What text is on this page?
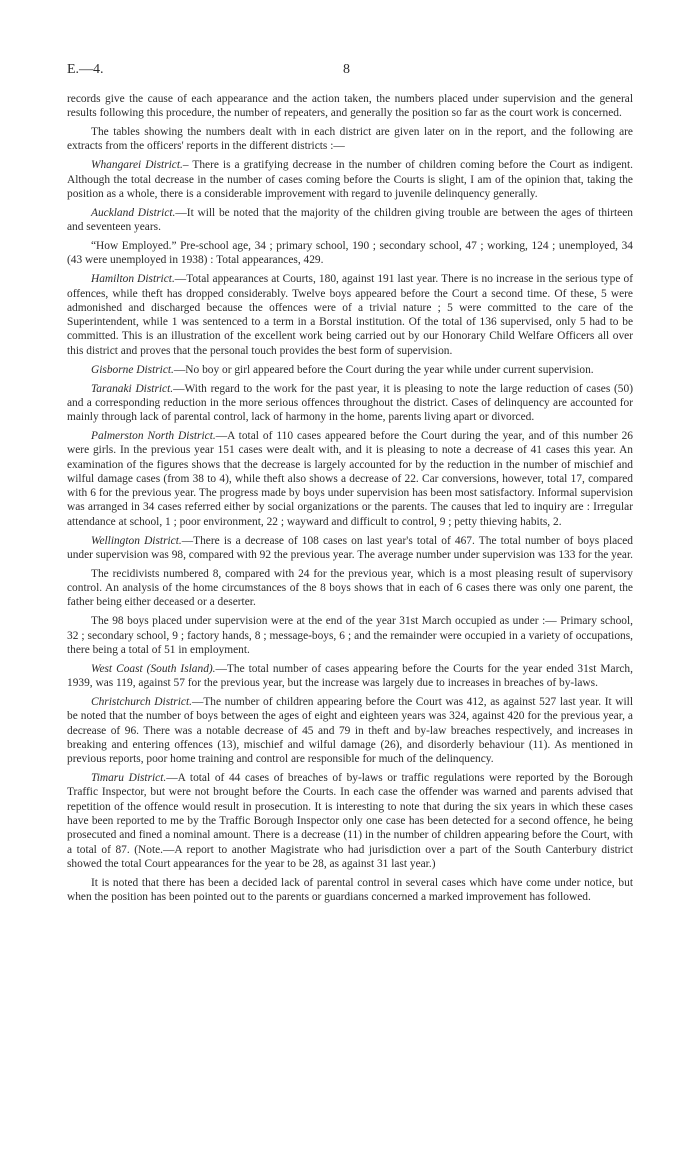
E.—4.	8

records give the cause of each appearance and the action taken, the numbers placed under supervision and the general results following this procedure, the number of repeaters, and generally the position so far as the court work is concerned.

The tables showing the numbers dealt with in each district are given later on in the report, and the following are extracts from the officers' reports in the different districts :—

Whangarei District.– There is a gratifying decrease in the number of children coming before the Court as indigent. Although the total decrease in the number of cases coming before the Courts is slight, I am of the opinion that, taking the position as a whole, there is a considerable improvement with regard to juvenile delinquency generally.

Auckland District.—It will be noted that the majority of the children giving trouble are between the ages of thirteen and seventeen years.

“How Employed.” Pre-school age, 34 ; primary school, 190 ; secondary school, 47 ; working, 124 ; unemployed, 34 (43 were unemployed in 1938) : Total appearances, 429.

Hamilton District.—Total appearances at Courts, 180, against 191 last year. There is no increase in the serious type of offences, while theft has dropped considerably. Twelve boys appeared before the Court a second time. Of these, 5 were admonished and discharged because the offences were of a trivial nature ; 5 were committed to the care of the Superintendent, while 1 was sentenced to a term in a Borstal institution. Of the total of 136 supervised, only 5 had to be committed. This is an illustration of the excellent work being carried out by our Honorary Child Welfare Officers all over this district and proves that the personal touch provides the best form of supervision.

Gisborne District.—No boy or girl appeared before the Court during the year while under current supervision.

Taranaki District.—With regard to the work for the past year, it is pleasing to note the large reduction of cases (50) and a corresponding reduction in the more serious offences throughout the district. Cases of delinquency are accounted for mainly through lack of parental control, lack of harmony in the home, parents living apart or divorced.

Palmerston North District.—A total of 110 cases appeared before the Court during the year, and of this number 26 were girls. In the previous year 151 cases were dealt with, and it is pleasing to note a decrease of 41 cases this year. An examination of the figures shows that the decrease is largely accounted for by the reduction in the number of mischief and wilful damage cases (from 38 to 4), while theft also shows a decrease of 22. Car conversions, however, total 17, compared with 6 for the previous year. The progress made by boys under supervision has been most satisfactory. Informal supervision was arranged in 34 cases referred either by social organizations or the parents. The causes that led to inquiry are : Irregular attendance at school, 1 ; poor environment, 22 ; wayward and difficult to control, 9 ; petty thieving habits, 2.

Wellington District.—There is a decrease of 108 cases on last year's total of 467. The total number of boys placed under supervision was 98, compared with 92 the previous year. The average number under supervision was 133 for the year.

The recidivists numbered 8, compared with 24 for the previous year, which is a most pleasing result of supervisory control. An analysis of the home circumstances of the 8 boys shows that in each of 6 cases there was only one parent, the father being either deceased or a deserter.

The 98 boys placed under supervision were at the end of the year 31st March occupied as under :— Primary school, 32 ; secondary school, 9 ; factory hands, 8 ; message-boys, 6 ; and the remainder were occupied in a variety of occupations, there being a total of 51 in employment.

West Coast (South Island).—The total number of cases appearing before the Courts for the year ended 31st March, 1939, was 119, against 57 for the previous year, but the increase was largely due to increases in breaches of by-laws.

Christchurch District.—The number of children appearing before the Court was 412, as against 527 last year. It will be noted that the number of boys between the ages of eight and eighteen years was 324, against 420 for the previous year, a decrease of 96. There was a notable decrease of 45 and 79 in theft and by-law breaches respectively, and increases in breaking and entering offences (13), mischief and wilful damage (26), and disorderly behaviour (11). As mentioned in previous reports, poor home training and control are responsible for much of the delinquency.

Timaru District.—A total of 44 cases of breaches of by-laws or traffic regulations were reported by the Borough Traffic Inspector, but were not brought before the Courts. In each case the offender was warned and parents advised that repetition of the offence would result in prosecution. It is interesting to note that during the six years in which these cases have been reported to me by the Traffic Borough Inspector only one case has been detected for a second offence, he being prosecuted and fined a nominal amount. There is a decrease (11) in the number of children appearing before the Court, with a total of 87. (Note.—A report to another Magistrate who had jurisdiction over a part of the South Canterbury district showed the total Court appearances for the year to be 28, as against 31 last year.)

It is noted that there has been a decided lack of parental control in several cases which have come under notice, but when the position has been pointed out to the parents or guardians concerned a marked improvement has followed.
